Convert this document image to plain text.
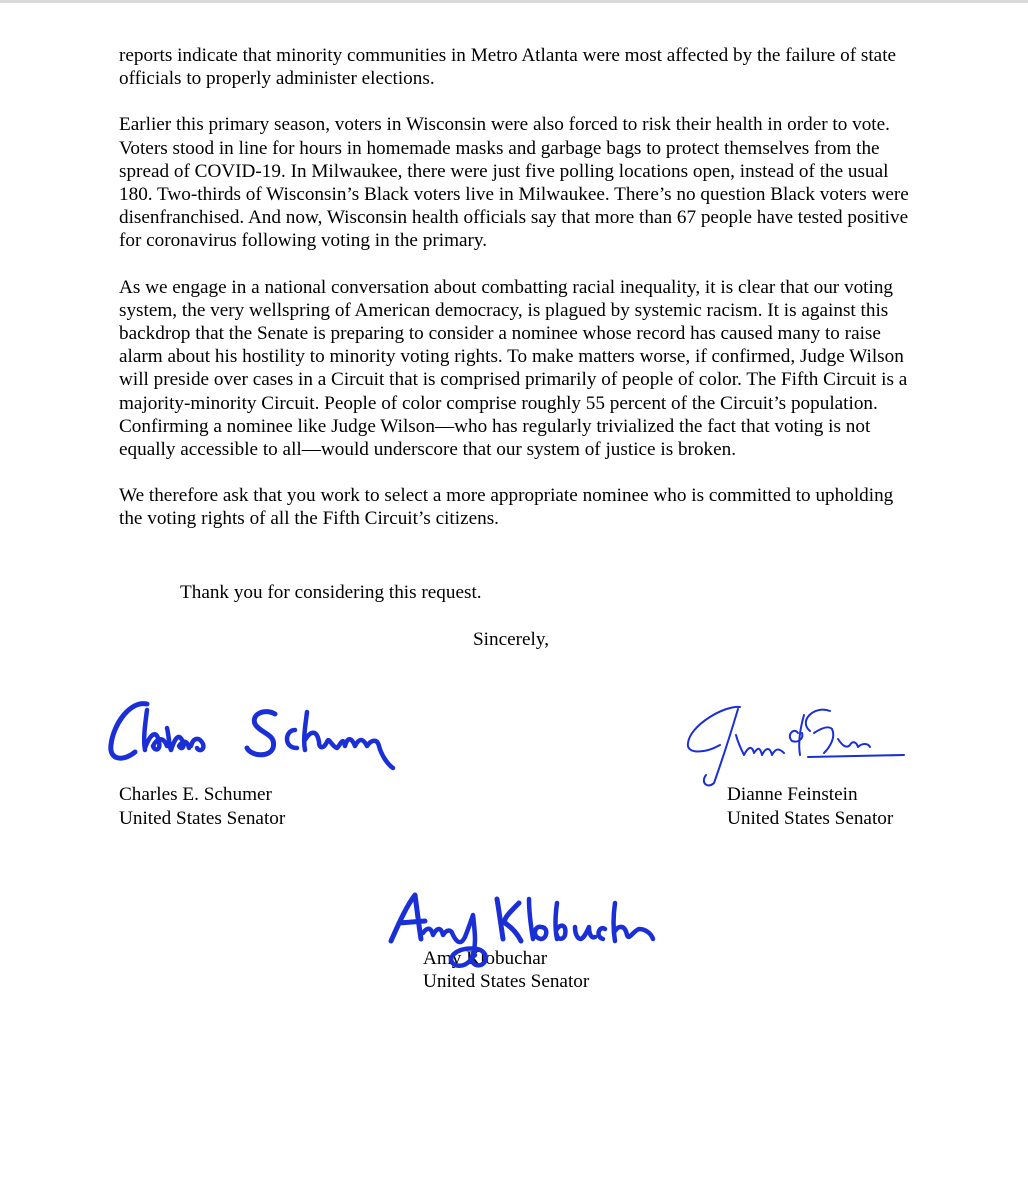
reports indicate that minority communities in Metro Atlanta were most affected by the failure of state officials to properly administer elections.

Earlier this primary season, voters in Wisconsin were also forced to risk their health in order to vote. Voters stood in line for hours in homemade masks and garbage bags to protect themselves from the spread of COVID-19. In Milwaukee, there were just five polling locations open, instead of the usual 180. Two-thirds of Wisconsin’s Black voters live in Milwaukee. There’s no question Black voters were disenfranchised. And now, Wisconsin health officials say that more than 67 people have tested positive for coronavirus following voting in the primary.

As we engage in a national conversation about combatting racial inequality, it is clear that our voting system, the very wellspring of American democracy, is plagued by systemic racism. It is against this backdrop that the Senate is preparing to consider a nominee whose record has caused many to raise alarm about his hostility to minority voting rights. To make matters worse, if confirmed, Judge Wilson will preside over cases in a Circuit that is comprised primarily of people of color. The Fifth Circuit is a majority-minority Circuit. People of color comprise roughly 55 percent of the Circuit’s population. Confirming a nominee like Judge Wilson—who has regularly trivialized the fact that voting is not equally accessible to all—would underscore that our system of justice is broken.

We therefore ask that you work to select a more appropriate nominee who is committed to upholding the voting rights of all the Fifth Circuit’s citizens.

Thank you for considering this request.
Sincerely,
Charles E. Schumer
United States Senator
Dianne Feinstein
United States Senator
Amy Klobuchar
United States Senator
